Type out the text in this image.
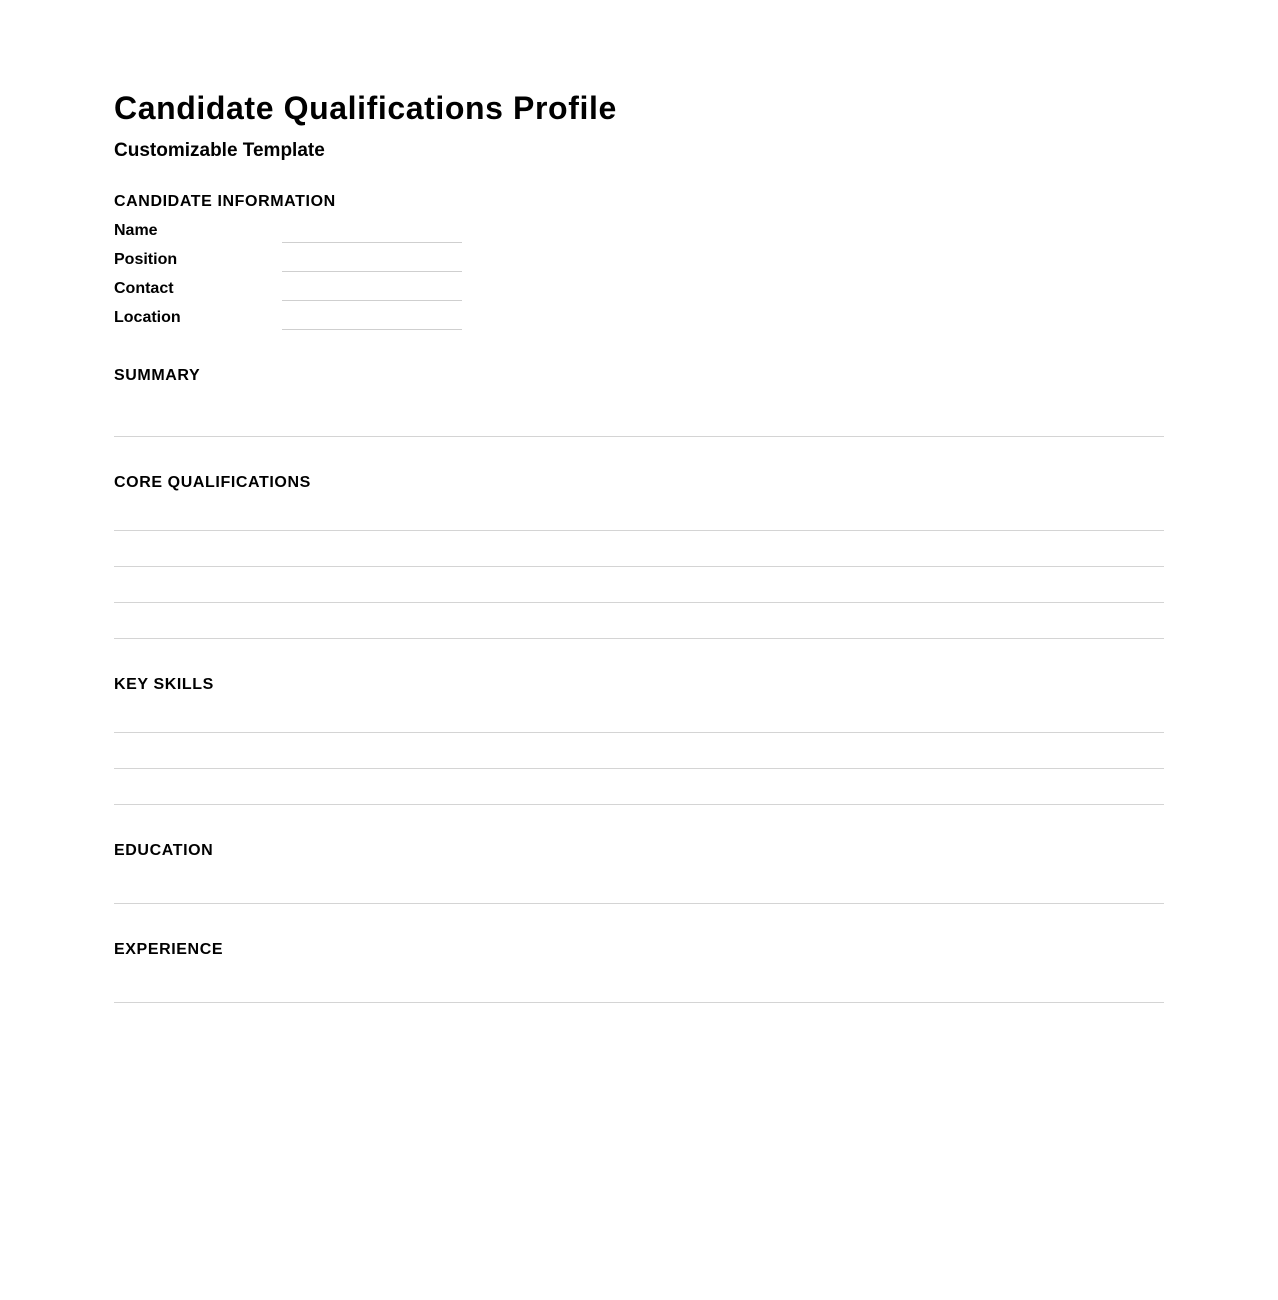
Candidate Qualifications Profile
Customizable Template
CANDIDATE INFORMATION
Name
Position
Contact
Location
SUMMARY
CORE QUALIFICATIONS
KEY SKILLS
EDUCATION
EXPERIENCE
